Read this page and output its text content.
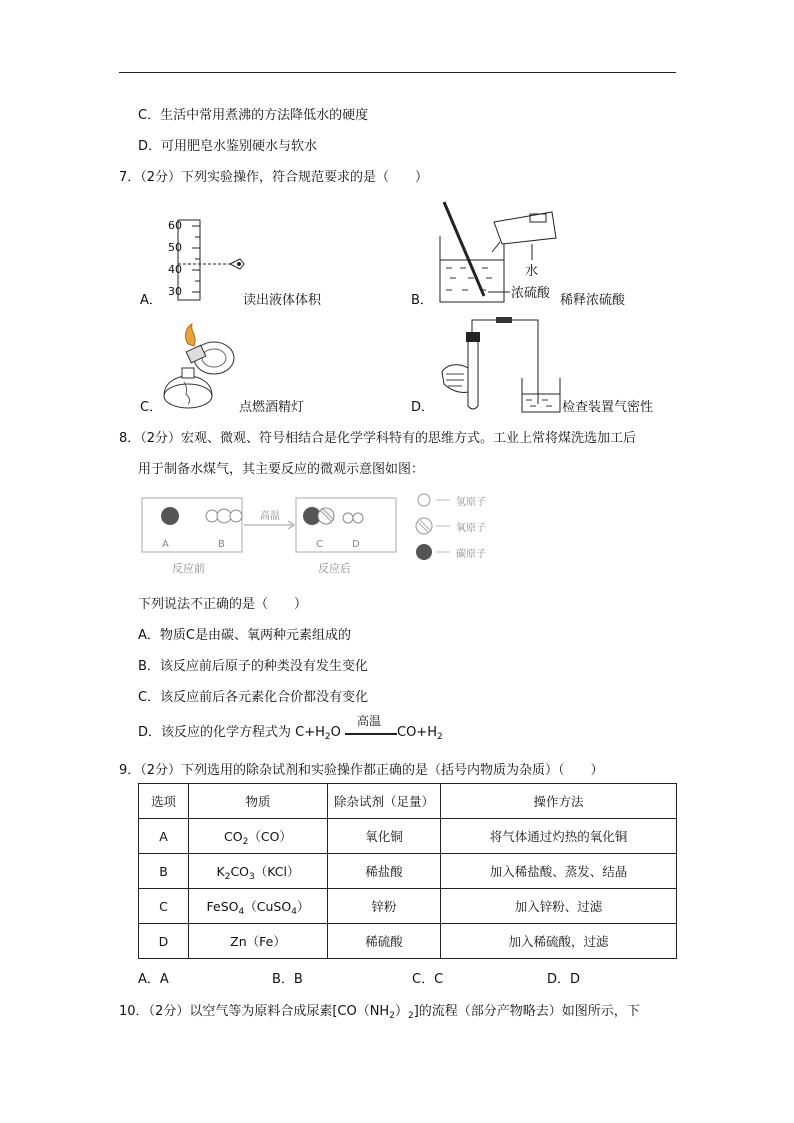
C．生活中常用煮沸的方法降低水的硬度
D．可用肥皂水鉴别硬水与软水
7．（2分）下列实验操作，符合规范要求的是（　　）
A．
60
50
40
30
读出液体体积	B．
水
浓硫酸 稀释浓硫酸
C．	点燃酒精灯	D．	检查装置气密性
8．（2分）宏观、微观、符号相结合是化学学科特有的思维方式。工业上常将煤洗选加工后
用于制备水煤气，其主要反应的微观示意图如图：
A	B	C	D
反应前	反应后
高温
氢原子
氧原子
碳原子
下列说法不正确的是（　　）
A．物质C是由碳、氧两种元素组成的
B．该反应前后原子的种类没有发生变化
C．该反应前后各元素化合价都没有变化
D．该反应的化学方程式为 $C+H_2O$
高温
$CO+H_2$
9．（2分）下列选用的除杂试剂和实验操作都正确的是（括号内物质为杂质）（　　）
选项	物质	除杂试剂（足量）	操作方法
A	$CO_2(CO)$	氧化铜	将气体通过灼热的氧化铜
B	$K_2CO_3(KCl)$	稀盐酸	加入稀盐酸、蒸发、结晶
C	FeSO$_4$（CuSO$_4$）	锌粉	加入锌粉、过滤
D	Zn（Fe）	稀硫酸	加入稀硫酸，过滤
A．A	B．B	C．C	D．D
10．（2分）以空气等为原料合成尿素$[CO(NH_2)_2]$的流程（部分产物略去）如图所示，下
